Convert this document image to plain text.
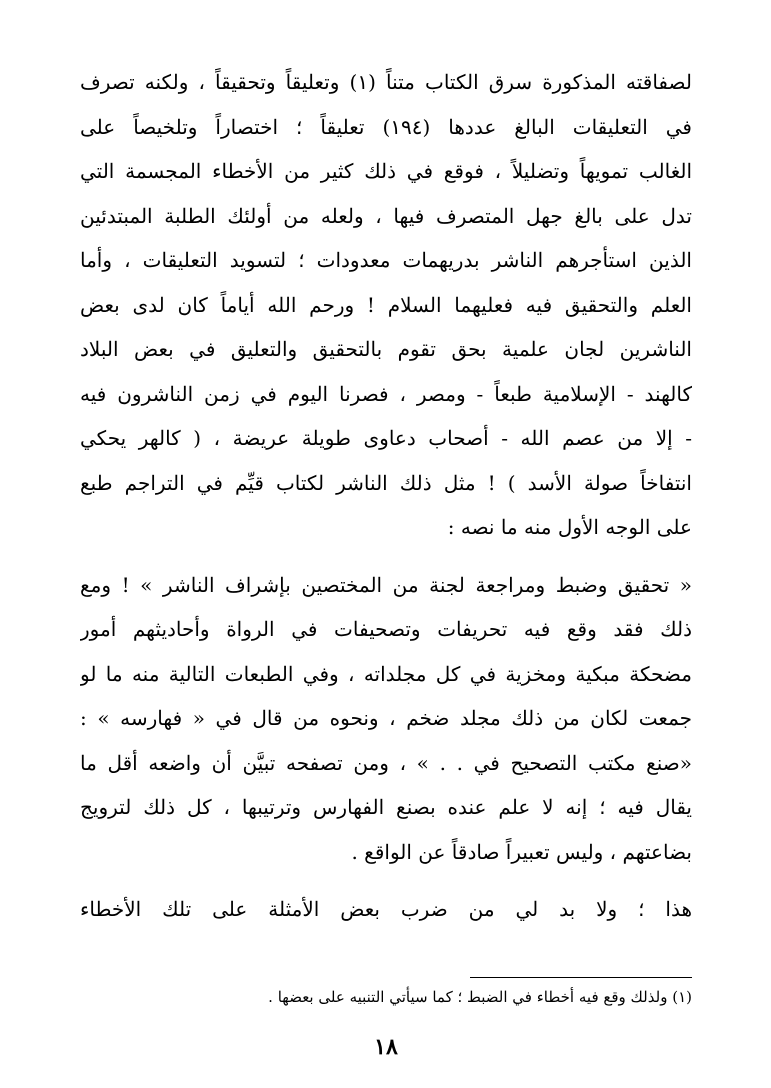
لصفاقته المذكورة سرق الكتاب متناً (١) وتعليقاً وتحقيقاً ، ولكنه تصرف
في التعليقات البالغ عددها (١٩٤) تعليقاً ؛ اختصاراً وتلخيصاً على
الغالب تمويهاً وتضليلاً ، فوقع في ذلك كثير من الأخطاء المجسمة التي
تدل على بالغ جهل المتصرف فيها ، ولعله من أولئك الطلبة المبتدئين
الذين استأجرهم الناشر بدريهمات معدودات ؛ لتسويد التعليقات ، وأما
العلم والتحقيق فيه فعليهما السلام ! ورحم الله أياماً كان لدى بعض
الناشرين لجان علمية بحق تقوم بالتحقيق والتعليق في بعض البلاد
كالهند - الإسلامية طبعاً - ومصر ، فصرنا اليوم في زمن الناشرون فيه
- إلا من عصم الله - أصحاب دعاوى طويلة عريضة ، ( كالهر يحكي
انتفاخاً صولة الأسد ) ! مثل ذلك الناشر لكتاب قيِّم في التراجم طبع
على الوجه الأول منه ما نصه :
« تحقيق وضبط ومراجعة لجنة من المختصين بإشراف الناشر » ! ومع
ذلك فقد وقع فيه تحريفات وتصحيفات في الرواة وأحاديثهم أمور
مضحكة مبكية ومخزية في كل مجلداته ، وفي الطبعات التالية منه ما لو
جمعت لكان من ذلك مجلد ضخم ، ونحوه من قال في « فهارسه » :
«صنع مكتب التصحيح في . . » ، ومن تصفحه تبيَّن أن واضعه أقل ما
يقال فيه ؛ إنه لا علم عنده بصنع الفهارس وترتيبها ، كل ذلك لترويج
بضاعتهم ، وليس تعبيراً صادقاً عن الواقع .
هذا ؛ ولا بد لي من ضرب بعض الأمثلة على تلك الأخطاء
(١) ولذلك وقع فيه أخطاء في الضبط ؛ كما سيأتي التنبيه على بعضها .
١٨
